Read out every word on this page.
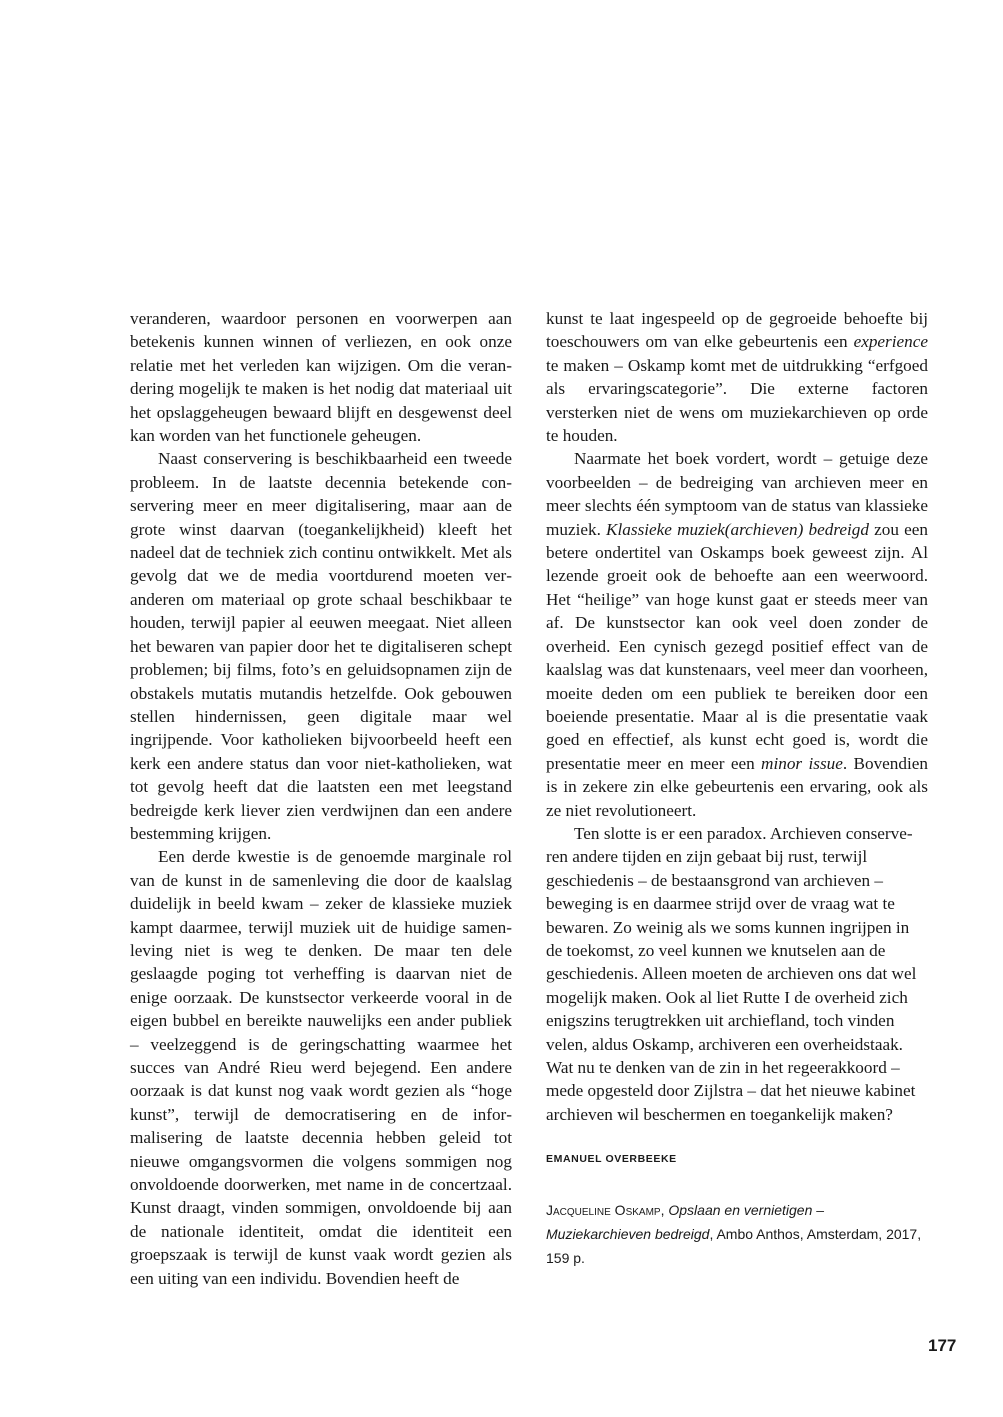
veranderen, waardoor personen en voorwerpen aan betekenis kunnen winnen of verliezen, en ook onze relatie met het verleden kan wijzigen. Om die verandering mogelijk te maken is het nodig dat materiaal uit het opslaggeheugen bewaard blijft en desgewenst deel kan worden van het functionele geheugen.

Naast conservering is beschikbaarheid een tweede probleem. In de laatste decennia betekende conservering meer en meer digitalisering, maar aan de grote winst daarvan (toegankelijkheid) kleeft het nadeel dat de techniek zich continu ontwikkelt. Met als gevolg dat we de media voortdurend moeten veranderen om materiaal op grote schaal beschikbaar te houden, terwijl papier al eeuwen meegaat. Niet alleen het bewaren van papier door het te digitaliseren schept problemen; bij films, foto’s en geluidsopnamen zijn de obstakels mutatis mutandis hetzelfde. Ook gebouwen stellen hindernissen, geen digitale maar wel ingrijpende. Voor katholieken bijvoorbeeld heeft een kerk een andere status dan voor niet-katholieken, wat tot gevolg heeft dat die laatsten een met leegstand bedreigde kerk liever zien verdwijnen dan een andere bestemming krijgen.

Een derde kwestie is de genoemde marginale rol van de kunst in de samenleving die door de kaalslag duidelijk in beeld kwam – zeker de klassieke muziek kampt daarmee, terwijl muziek uit de huidige samenleving niet is weg te denken. De maar ten dele geslaagde poging tot verheffing is daarvan niet de enige oorzaak. De kunstsector verkeerde vooral in de eigen bubbel en bereikte nauwelijks een ander publiek – veelzeggend is de geringschatting waarmee het succes van André Rieu werd bejegend. Een andere oorzaak is dat kunst nog vaak wordt gezien als “hoge kunst”, terwijl de democratisering en de informalisering de laatste decennia hebben geleid tot nieuwe omgangsvormen die volgens sommigen nog onvoldoende doorwerken, met name in de concertzaal. Kunst draagt, vinden sommigen, onvoldoende bij aan de nationale identiteit, omdat die identiteit een groepszaak is terwijl de kunst vaak wordt gezien als een uiting van een individu. Bovendien heeft de

kunst te laat ingespeeld op de gegroeide behoefte bij toeschouwers om van elke gebeurtenis een experience te maken – Oskamp komt met de uitdrukking “erfgoed als ervaringscategorie”. Die externe factoren versterken niet de wens om muziekarchieven op orde te houden.

Naarmate het boek vordert, wordt – getuige deze voorbeelden – de bedreiging van archieven meer en meer slechts één symptoom van de status van klassieke muziek. Klassieke muziek(archieven) bedreigd zou een betere ondertitel van Oskamps boek geweest zijn. Al lezende groeit ook de behoefte aan een weerwoord. Het “heilige” van hoge kunst gaat er steeds meer van af. De kunstsector kan ook veel doen zonder de overheid. Een cynisch gezegd positief effect van de kaalslag was dat kunstenaars, veel meer dan voorheen, moeite deden om een publiek te bereiken door een boeiende presentatie. Maar al is die presentatie vaak goed en effectief, als kunst echt goed is, wordt die presentatie meer en meer een minor issue. Bovendien is in zekere zin elke gebeurtenis een ervaring, ook als ze niet revolutioneert.

Ten slotte is er een paradox. Archieven conserveren andere tijden en zijn gebaat bij rust, terwijl geschiedenis – de bestaansgrond van archieven – beweging is en daarmee strijd over de vraag wat te bewaren. Zo weinig als we soms kunnen ingrijpen in de toekomst, zo veel kunnen we knutselen aan de geschiedenis. Alleen moeten de archieven ons dat wel mogelijk maken. Ook al liet Rutte I de overheid zich enigszins terugtrekken uit archiefland, toch vinden velen, aldus Oskamp, archiveren een overheidstaak. Wat nu te denken van de zin in het regeerakkoord – mede opgesteld door Zijlstra – dat het nieuwe kabinet archieven wil beschermen en toegankelijk maken?

EMANUEL OVERBEEKE
Jacqueline Oskamp, Opslaan en vernietigen – Muziekarchieven bedreigd, Ambo Anthos, Amsterdam, 2017, 159 p.
177
